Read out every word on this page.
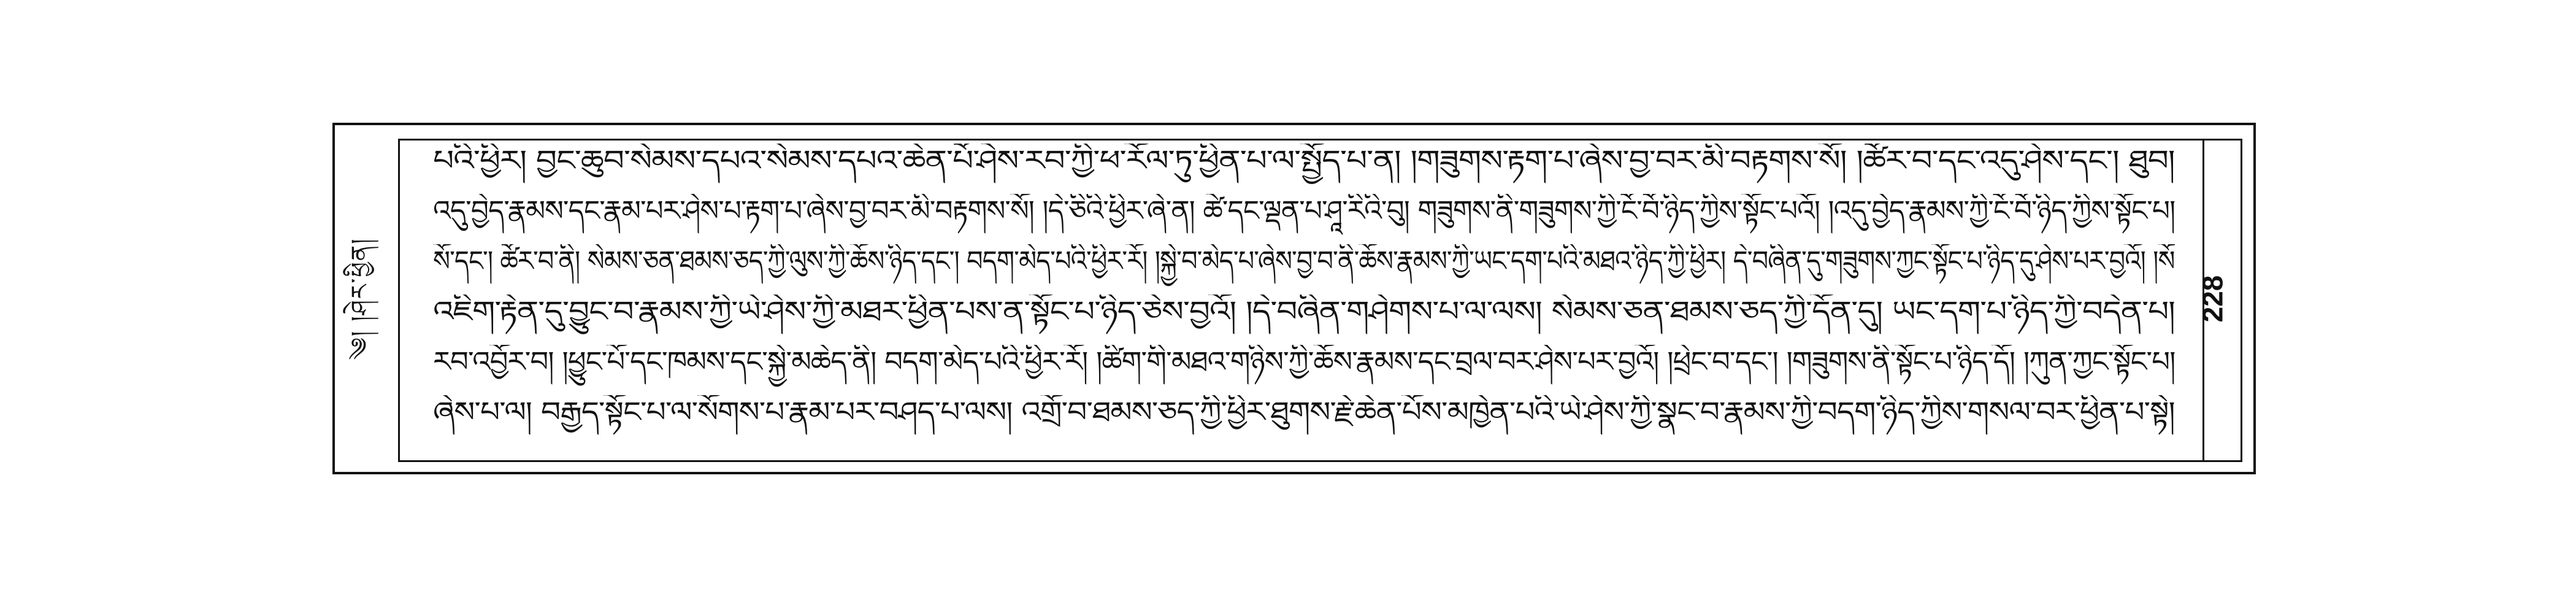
༄། །ཤེར་ཕྱིན།
པའི་ཕྱིར། བྱང་ཆུབ་སེམས་དཔའ་སེམས་དཔའ་ཆེན་པོ་ཤེས་རབ་ཀྱི་ཕ་རོལ་ཏུ་ཕྱིན་པ་ལ་སྤྱོད་པ་ན། །གཟུགས་རྟག་པ་ཞེས་བྱ་བར་མི་བརྟགས་སོ། །ཚོར་བ་དང་འདུ་ཤེས་དང་། ཐུབ།
འདུ་བྱེད་རྣམས་དང་རྣམ་པར་ཤེས་པ་རྟག་པ་ཞེས་བྱ་བར་མི་བརྟགས་སོ། །དེ་ཅིའི་ཕྱིར་ཞེ་ན། ཚེ་དང་ལྡན་པ་ཤཱ་རིའི་བུ། གཟུགས་ནི་གཟུགས་ཀྱི་ངོ་བོ་ཉིད་ཀྱིས་སྟོང་པའོ། །འདུ་བྱེད་རྣམས་ཀྱི་ངོ་བོ་ཉིད་ཀྱིས་སྟོང་པ།
སོ་དང་། ཚོར་བ་ནི། སེམས་ཅན་ཐམས་ཅད་ཀྱི་ལུས་ཀྱི་ཆོས་ཉིད་དང་། བདག་མེད་པའི་ཕྱིར་རོ། །སྐྱེ་བ་མེད་པ་ཞེས་བྱ་བ་ནི་ཆོས་རྣམས་ཀྱི་ཡང་དག་པའི་མཐའ་ཉིད་ཀྱི་ཕྱིར། དེ་བཞིན་དུ་གཟུགས་ཀྱང་སྟོང་པ་ཉིད་དུ་ཤེས་པར་བྱའོ། །སོ
འཇིག་རྟེན་དུ་བྱུང་བ་རྣམས་ཀྱི་ཡེ་ཤེས་ཀྱི་མཐར་ཕྱིན་པས་ན་སྟོང་པ་ཉིད་ཅེས་བྱའོ། །དེ་བཞིན་གཤེགས་པ་ལ་ལས། སེམས་ཅན་ཐམས་ཅད་ཀྱི་དོན་དུ། ཡང་དག་པ་ཉིད་ཀྱི་བདེན་པ།
རབ་འབྱོར་བ། །ཕྱུང་པོ་དང་ཁམས་དང་སྐྱེ་མཆེད་ནི། བདག་མེད་པའི་ཕྱིར་རོ། །ཚིག་གི་མཐའ་གཉིས་ཀྱི་ཆོས་རྣམས་དང་བྲལ་བར་ཤེས་པར་བྱའོ། །ཕྲེང་བ་དང་། །གཟུགས་ནི་སྟོང་པ་ཉིད་དོ། །ཀུན་ཀྱང་སྟོང་པ།
ཞེས་པ་ལ། བརྒྱད་སྟོང་པ་ལ་སོགས་པ་རྣམ་པར་བཤད་པ་ལས། འགྲོ་བ་ཐམས་ཅད་ཀྱི་ཕྱིར་ཐུགས་རྗེ་ཆེན་པོས་མཁྱེན་པའི་ཡེ་ཤེས་ཀྱི་སྣང་བ་རྣམས་ཀྱི་བདག་ཉིད་ཀྱིས་གསལ་བར་ཕྱིན་པ་སྟེ།
228
